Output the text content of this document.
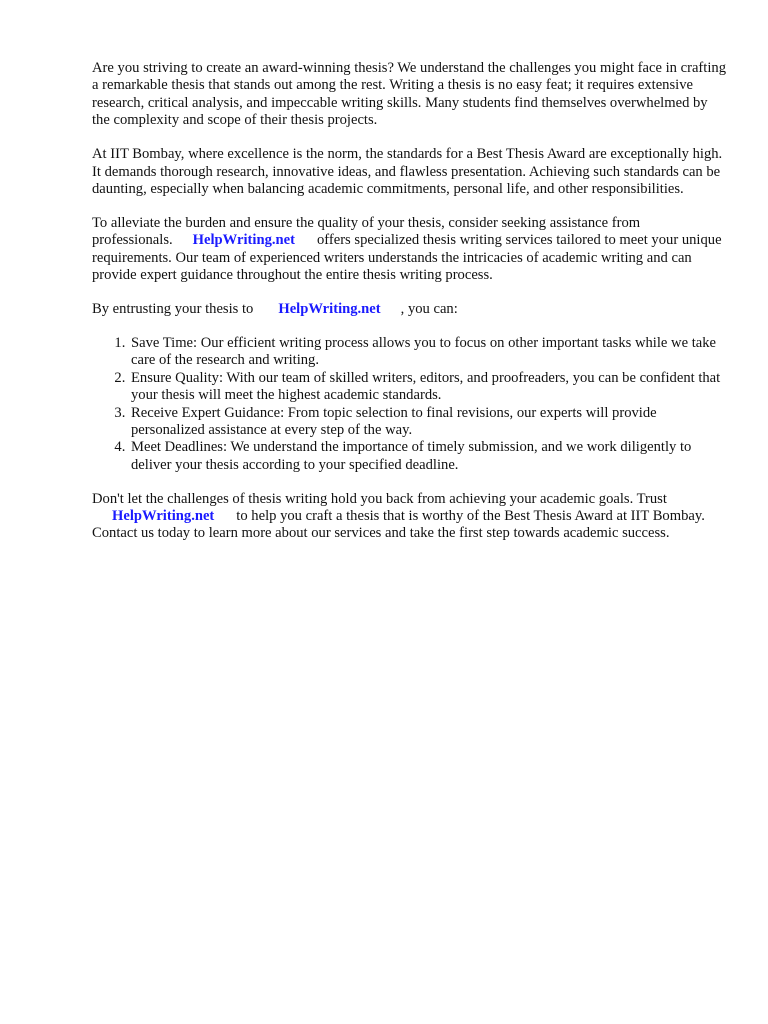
Are you striving to create an award-winning thesis? We understand the challenges you might face in crafting a remarkable thesis that stands out among the rest. Writing a thesis is no easy feat; it requires extensive research, critical analysis, and impeccable writing skills. Many students find themselves overwhelmed by the complexity and scope of their thesis projects.

At IIT Bombay, where excellence is the norm, the standards for a Best Thesis Award are exceptionally high. It demands thorough research, innovative ideas, and flawless presentation. Achieving such standards can be daunting, especially when balancing academic commitments, personal life, and other responsibilities.

To alleviate the burden and ensure the quality of your thesis, consider seeking assistance from professionals. HelpWriting.net offers specialized thesis writing services tailored to meet your unique requirements. Our team of experienced writers understands the intricacies of academic writing and can provide expert guidance throughout the entire thesis writing process.

By entrusting your thesis to HelpWriting.net , you can:

1. Save Time: Our efficient writing process allows you to focus on other important tasks while we take care of the research and writing.
2. Ensure Quality: With our team of skilled writers, editors, and proofreaders, you can be confident that your thesis will meet the highest academic standards.
3. Receive Expert Guidance: From topic selection to final revisions, our experts will provide personalized assistance at every step of the way.
4. Meet Deadlines: We understand the importance of timely submission, and we work diligently to deliver your thesis according to your specified deadline.

Don't let the challenges of thesis writing hold you back from achieving your academic goals. Trust HelpWriting.net to help you craft a thesis that is worthy of the Best Thesis Award at IIT Bombay. Contact us today to learn more about our services and take the first step towards academic success.
